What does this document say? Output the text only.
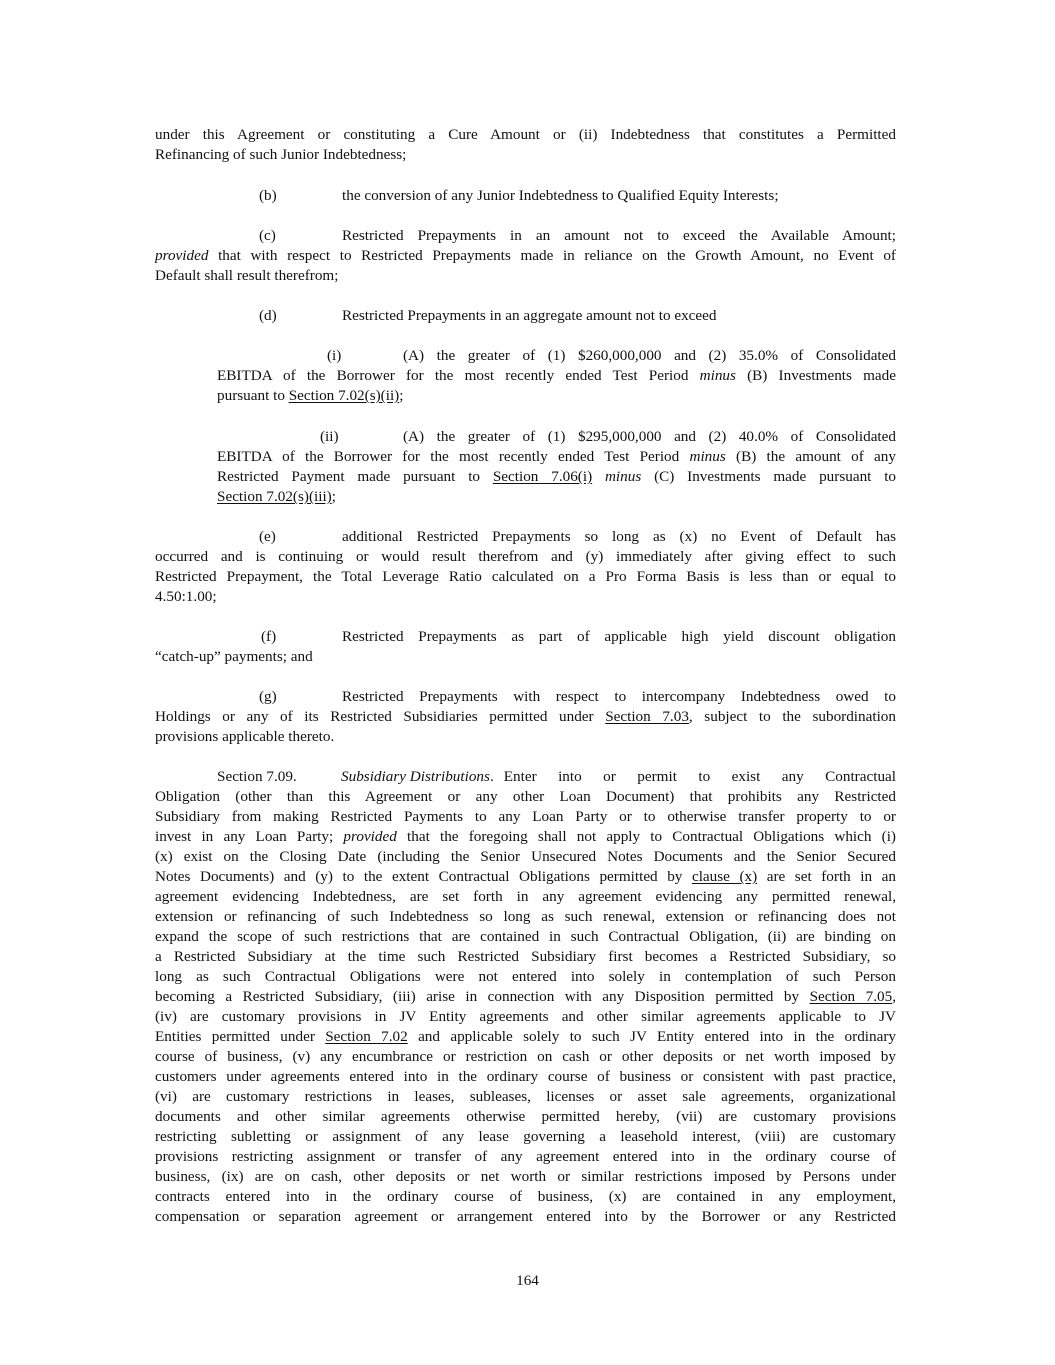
under this Agreement or constituting a Cure Amount or (ii) Indebtedness that constitutes a Permitted
Refinancing of such Junior Indebtedness;
(b)	the conversion of any Junior Indebtedness to Qualified Equity Interests;
(c)	Restricted Prepayments in an amount not to exceed the Available Amount;
provided that with respect to Restricted Prepayments made in reliance on the Growth Amount, no Event of
Default shall result therefrom;
(d)	Restricted Prepayments in an aggregate amount not to exceed
(i)	(A) the greater of (1) $260,000,000 and (2) 35.0% of Consolidated
EBITDA of the Borrower for the most recently ended Test Period minus (B) Investments made
pursuant to Section 7.02(s)(ii);
(ii)	(A) the greater of (1) $295,000,000 and (2) 40.0% of Consolidated
EBITDA of the Borrower for the most recently ended Test Period minus (B) the amount of any
Restricted Payment made pursuant to Section 7.06(i) minus (C) Investments made pursuant to
Section 7.02(s)(iii);
(e)	additional Restricted Prepayments so long as (x) no Event of Default has
occurred and is continuing or would result therefrom and (y) immediately after giving effect to such
Restricted Prepayment, the Total Leverage Ratio calculated on a Pro Forma Basis is less than or equal to
4.50:1.00;
(f)	Restricted Prepayments as part of applicable high yield discount obligation
“catch-up” payments; and
(g)	Restricted Prepayments with respect to intercompany Indebtedness owed to
Holdings or any of its Restricted Subsidiaries permitted under Section 7.03, subject to the subordination
provisions applicable thereto.
Section 7.09.	Subsidiary Distributions. Enter into or permit to exist any Contractual
Obligation (other than this Agreement or any other Loan Document) that prohibits any Restricted
Subsidiary from making Restricted Payments to any Loan Party or to otherwise transfer property to or
invest in any Loan Party; provided that the foregoing shall not apply to Contractual Obligations which (i)
(x) exist on the Closing Date (including the Senior Unsecured Notes Documents and the Senior Secured
Notes Documents) and (y) to the extent Contractual Obligations permitted by clause (x) are set forth in an
agreement evidencing Indebtedness, are set forth in any agreement evidencing any permitted renewal,
extension or refinancing of such Indebtedness so long as such renewal, extension or refinancing does not
expand the scope of such restrictions that are contained in such Contractual Obligation, (ii) are binding on
a Restricted Subsidiary at the time such Restricted Subsidiary first becomes a Restricted Subsidiary, so
long as such Contractual Obligations were not entered into solely in contemplation of such Person
becoming a Restricted Subsidiary, (iii) arise in connection with any Disposition permitted by Section 7.05,
(iv) are customary provisions in JV Entity agreements and other similar agreements applicable to JV
Entities permitted under Section 7.02 and applicable solely to such JV Entity entered into in the ordinary
course of business, (v) any encumbrance or restriction on cash or other deposits or net worth imposed by
customers under agreements entered into in the ordinary course of business or consistent with past practice,
(vi) are customary restrictions in leases, subleases, licenses or asset sale agreements, organizational
documents and other similar agreements otherwise permitted hereby, (vii) are customary provisions
restricting subletting or assignment of any lease governing a leasehold interest, (viii) are customary
provisions restricting assignment or transfer of any agreement entered into in the ordinary course of
business, (ix) are on cash, other deposits or net worth or similar restrictions imposed by Persons under
contracts entered into in the ordinary course of business, (x) are contained in any employment,
compensation or separation agreement or arrangement entered into by the Borrower or any Restricted
164
